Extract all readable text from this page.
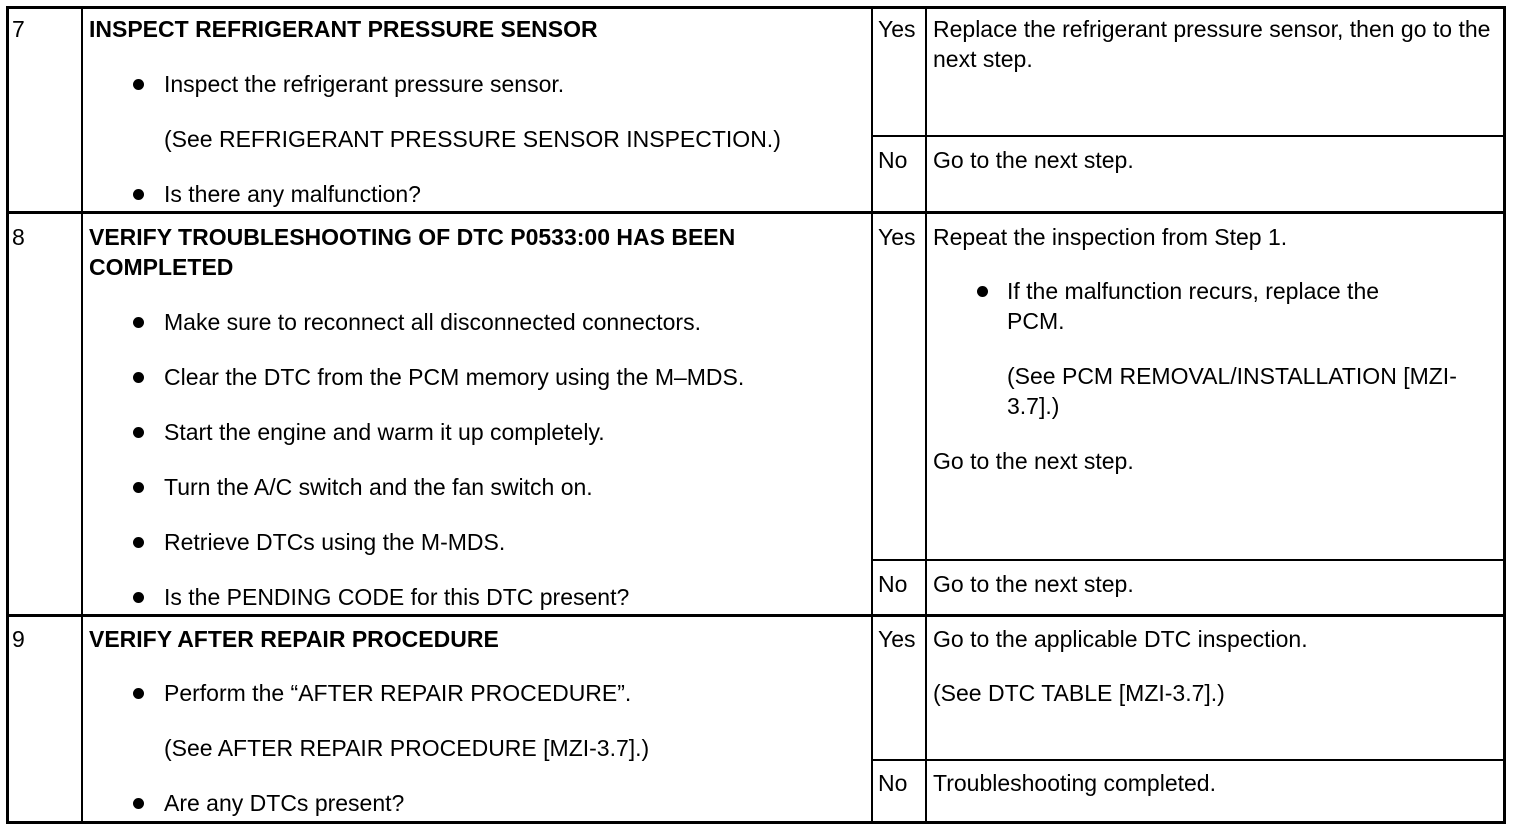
7	INSPECT REFRIGERANT PRESSURE SENSOR
Inspect the refrigerant pressure sensor.
(See REFRIGERANT PRESSURE SENSOR INSPECTION.)
Is there any malfunction?
Yes Replace the refrigerant pressure sensor, then go to the next step.
No Go to the next step.
8	VERIFY TROUBLESHOOTING OF DTC P0533:00 HAS BEEN COMPLETED
Make sure to reconnect all disconnected connectors.
Clear the DTC from the PCM memory using the M–MDS.
Start the engine and warm it up completely.
Turn the A/C switch and the fan switch on.
Retrieve DTCs using the M-MDS.
Is the PENDING CODE for this DTC present?
Yes Repeat the inspection from Step 1.
If the malfunction recurs, replace the PCM.
(See PCM REMOVAL/INSTALLATION [MZI-3.7].)
Go to the next step.
No Go to the next step.
9	VERIFY AFTER REPAIR PROCEDURE
Perform the “AFTER REPAIR PROCEDURE”.
(See AFTER REPAIR PROCEDURE [MZI-3.7].)
Are any DTCs present?
Yes Go to the applicable DTC inspection.
(See DTC TABLE [MZI-3.7].)
No Troubleshooting completed.
